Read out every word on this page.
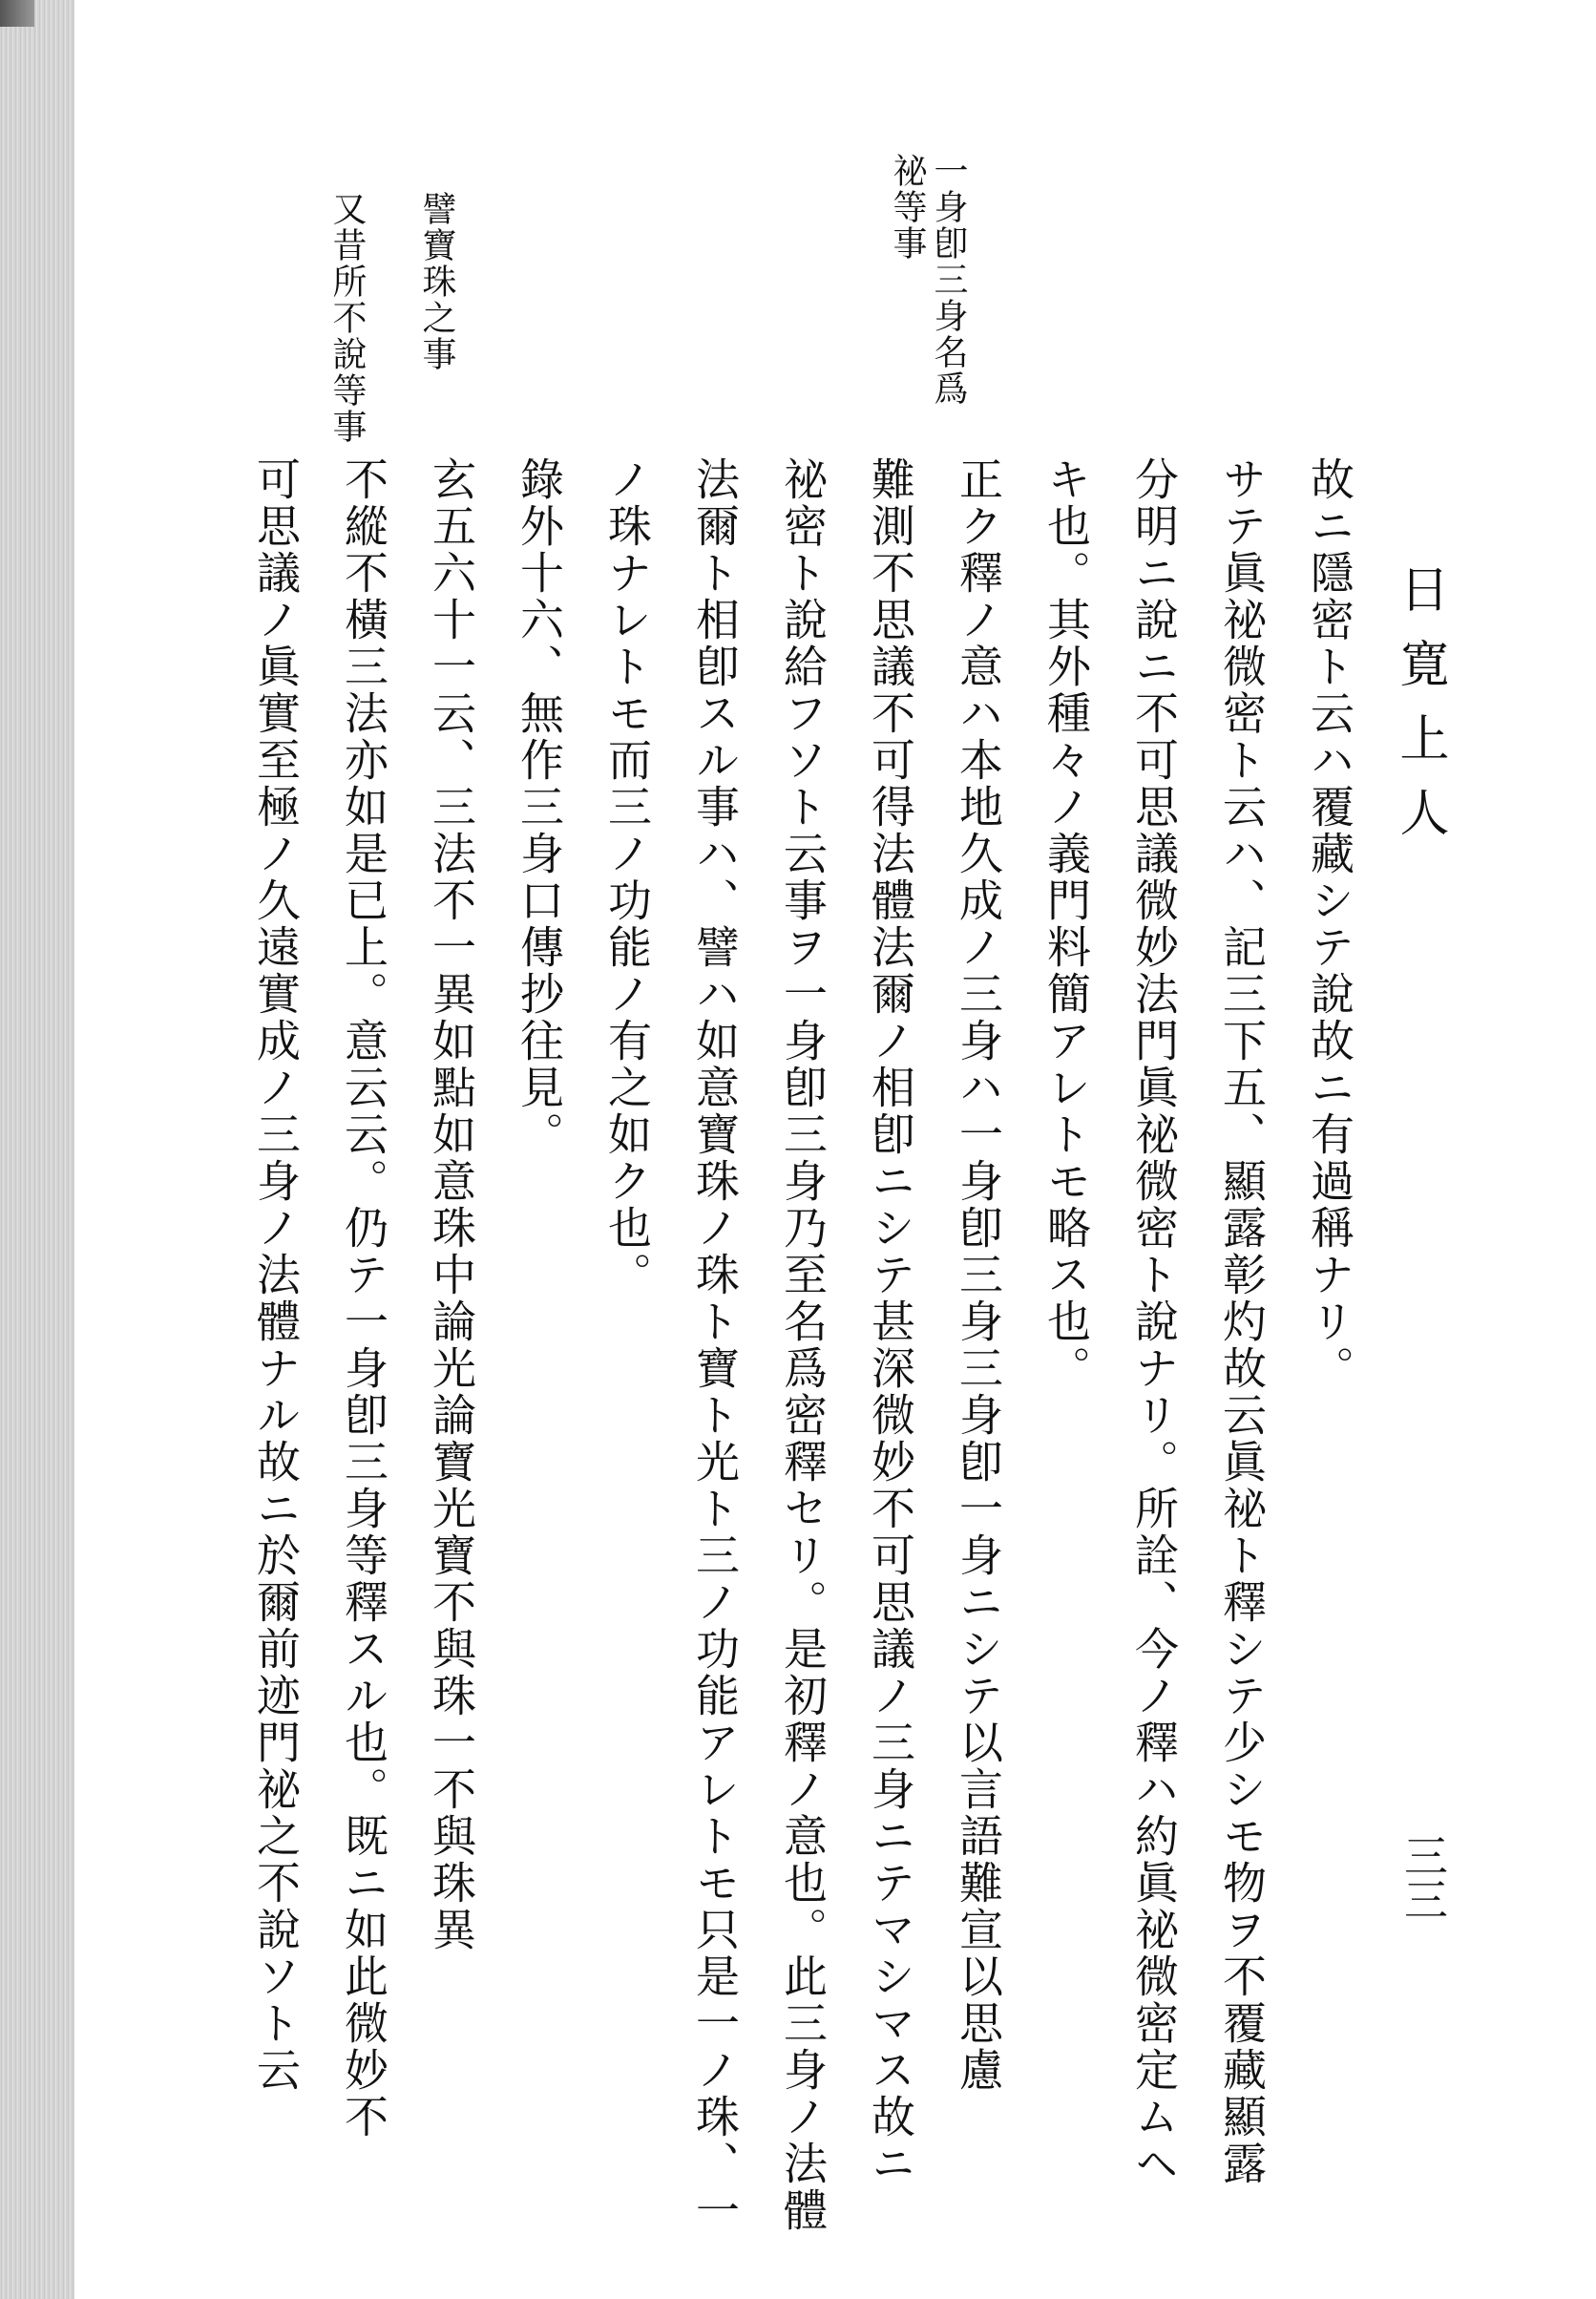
日寛上人
三三
一身卽三身名爲
祕等事
譬寶珠之事
又昔所不說等事
故ニ隱密ト云ハ覆藏シテ說故ニ有過稱ナリ。
サテ眞祕微密ト云ハ、記三下五、顯露彰灼故云眞祕ト釋シテ少シモ物ヲ不覆藏顯露
分明ニ說ニ不可思議微妙法門眞祕微密ト說ナリ。所詮、今ノ釋ハ約眞祕微密定ムヘ
キ也。其外種々ノ義門料簡アレトモ略ス也。
正ク釋ノ意ハ本地久成ノ三身ハ一身卽三身三身卽一身ニシテ以言語難宣以思慮
難測不思議不可得法體法爾ノ相卽ニシテ甚深微妙不可思議ノ三身ニテマシマス故ニ
祕密ト說給フソト云事ヲ一身卽三身乃至名爲密釋セリ。是初釋ノ意也。此三身ノ法體
法爾ト相卽スル事ハ、譬ハ如意寶珠ノ珠ト寶ト光ト三ノ功能アレトモ只是一ノ珠、一
ノ珠ナレトモ而三ノ功能ノ有之如ク也。
錄外十六、無作三身口傳抄往見。
玄五六十一云、三法不一異如點如意珠中論光論寶光寶不與珠一不與珠異
不縱不橫三法亦如是已上。意云云。仍テ一身卽三身等釋スル也。既ニ如此微妙不
可思議ノ眞實至極ノ久遠實成ノ三身ノ法體ナル故ニ於爾前迹門祕之不說ソト云
